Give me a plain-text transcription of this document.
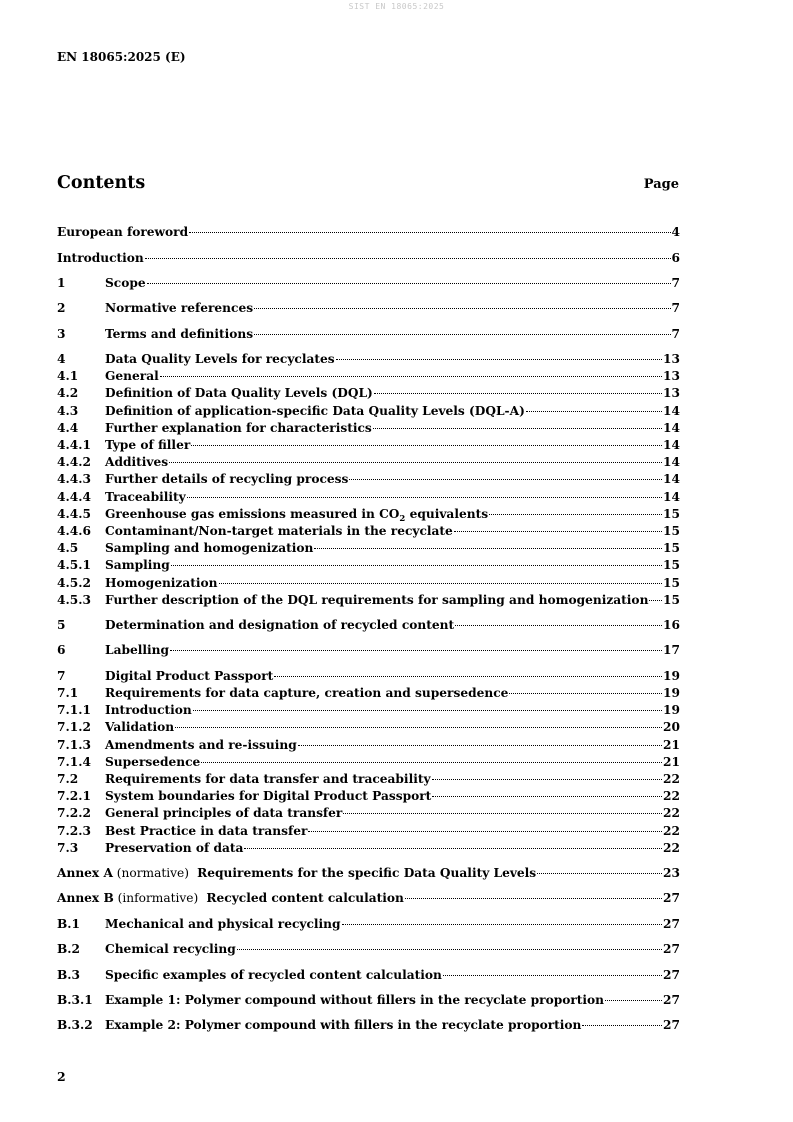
SIST EN 18065:2025
EN 18065:2025 (E)
Contents	Page
European foreword	4
Introduction	6
1	Scope	7
2	Normative references	7
3	Terms and definitions	7
4	Data Quality Levels for recyclates	13
4.1	General	13
4.2	Definition of Data Quality Levels (DQL)	13
4.3	Definition of application-specific Data Quality Levels (DQL-A)	14
4.4	Further explanation for characteristics	14
4.4.1	Type of filler	14
4.4.2	Additives	14
4.4.3	Further details of recycling process	14
4.4.4	Traceability	14
4.4.5	Greenhouse gas emissions measured in $CO_2$ equivalents	15
4.4.6	Contaminant/Non-target materials in the recyclate	15
4.5	Sampling and homogenization	15
4.5.1	Sampling	15
4.5.2	Homogenization	15
4.5.3	Further description of the DQL requirements for sampling and homogenization 15
5	Determination and designation of recycled content	16
6	Labelling	17
7	Digital Product Passport	19
7.1	Requirements for data capture, creation and supersedence	19
7.1.1	Introduction	19
7.1.2	Validation	20
7.1.3	Amendments and re-issuing	21
7.1.4	Supersedence	21
7.2	Requirements for data transfer and traceability	22
7.2.1	System boundaries for Digital Product Passport	22
7.2.2	General principles of data transfer	22
7.2.3	Best Practice in data transfer	22
7.3	Preservation of data	22
Annex A (normative) Requirements for the specific Data Quality Levels	23
Annex B (informative) Recycled content calculation	27
B.1	Mechanical and physical recycling	27
B.2	Chemical recycling	27
B.3	Specific examples of recycled content calculation	27
B.3.1	Example 1: Polymer compound without fillers in the recyclate proportion	27
B.3.2	Example 2: Polymer compound with fillers in the recyclate proportion	27
2
